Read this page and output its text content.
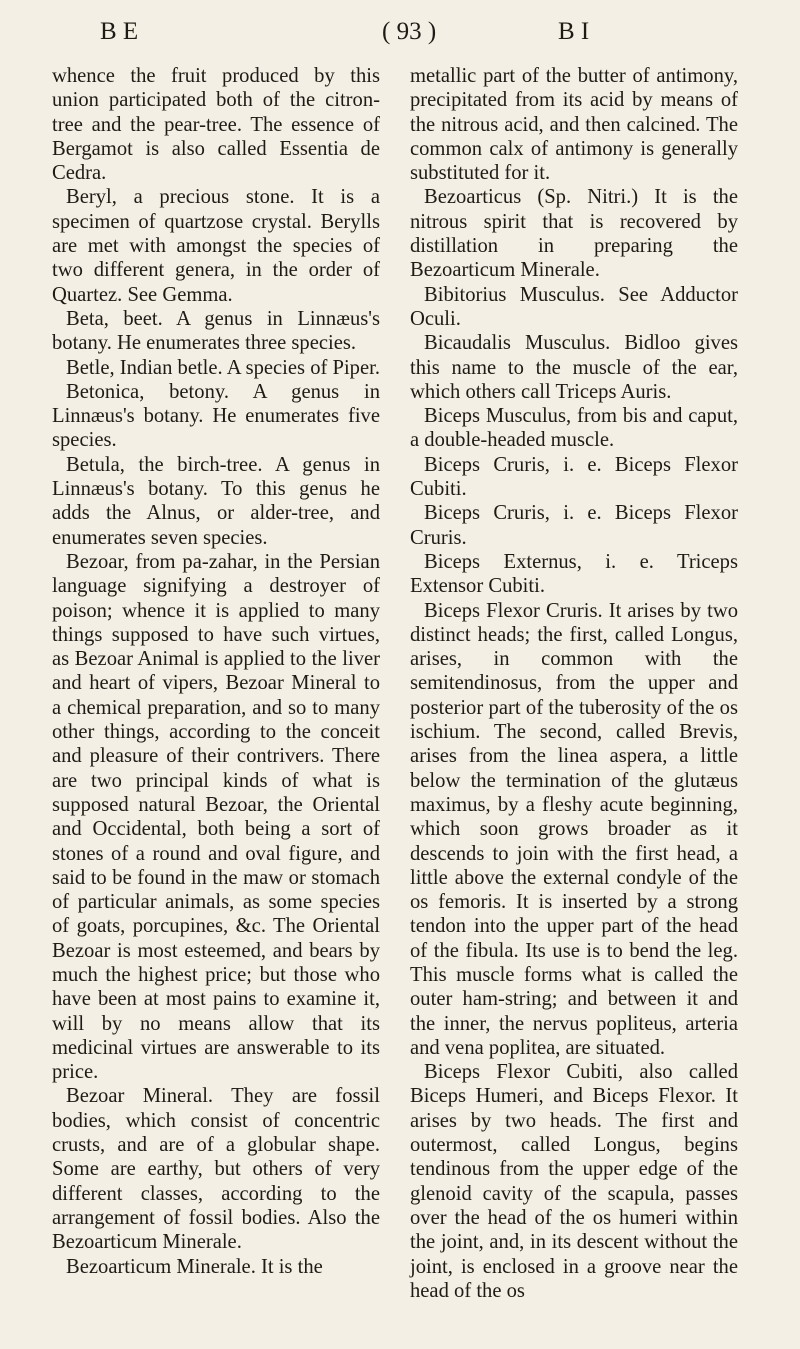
B E	( 93 )	B I

whence the fruit produced by this union participated both of the citron-tree and the pear-tree. The essence of Bergamot is also called Essentia de Cedra.

Beryl, a precious stone. It is a specimen of quartzose crystal. Berylls are met with amongst the species of two different genera, in the order of Quartez. See Gemma.

Beta, beet. A genus in Linnæus's botany. He enumerates three species.

Betle, Indian betle. A species of Piper.

Betonica, betony. A genus in Linnæus's botany. He enumerates five species.

Betula, the birch-tree. A genus in Linnæus's botany. To this genus he adds the Alnus, or alder-tree, and enumerates seven species.

Bezoar, from pa-zahar, in the Persian language signifying a destroyer of poison; whence it is applied to many things supposed to have such virtues, as Bezoar Animal is applied to the liver and heart of vipers, Bezoar Mineral to a chemical preparation, and so to many other things, according to the conceit and pleasure of their contrivers. There are two principal kinds of what is supposed natural Bezoar, the Oriental and Occidental, both being a sort of stones of a round and oval figure, and said to be found in the maw or stomach of particular animals, as some species of goats, porcupines, &c. The Oriental Bezoar is most esteemed, and bears by much the highest price; but those who have been at most pains to examine it, will by no means allow that its medicinal virtues are answerable to its price.

Bezoar Mineral. They are fossil bodies, which consist of concentric crusts, and are of a globular shape. Some are earthy, but others of very different classes, according to the arrangement of fossil bodies. Also the Bezoarticum Minerale.

Bezoarticum Minerale. It is the

metallic part of the butter of antimony, precipitated from its acid by means of the nitrous acid, and then calcined. The common calx of antimony is generally substituted for it.

Bezoarticus (Sp. Nitri.) It is the nitrous spirit that is recovered by distillation in preparing the Bezoarticum Minerale.

Bibitorius Musculus. See Adductor Oculi.

Bicaudalis Musculus. Bidloo gives this name to the muscle of the ear, which others call Triceps Auris.

Biceps Musculus, from bis and caput, a double-headed muscle.

Biceps Cruris, i. e. Biceps Flexor Cubiti.

Biceps Cruris, i. e. Biceps Flexor Cruris.

Biceps Externus, i. e. Triceps Extensor Cubiti.

Biceps Flexor Cruris. It arises by two distinct heads; the first, called Longus, arises, in common with the semitendinosus, from the upper and posterior part of the tuberosity of the os ischium. The second, called Brevis, arises from the linea aspera, a little below the termination of the glutæus maximus, by a fleshy acute beginning, which soon grows broader as it descends to join with the first head, a little above the external condyle of the os femoris. It is inserted by a strong tendon into the upper part of the head of the fibula. Its use is to bend the leg. This muscle forms what is called the outer ham-string; and between it and the inner, the nervus popliteus, arteria and vena poplitea, are situated.

Biceps Flexor Cubiti, also called Biceps Humeri, and Biceps Flexor. It arises by two heads. The first and outermost, called Longus, begins tendinous from the upper edge of the glenoid cavity of the scapula, passes over the head of the os humeri within the joint, and, in its descent without the joint, is enclosed in a groove near the head of the os
